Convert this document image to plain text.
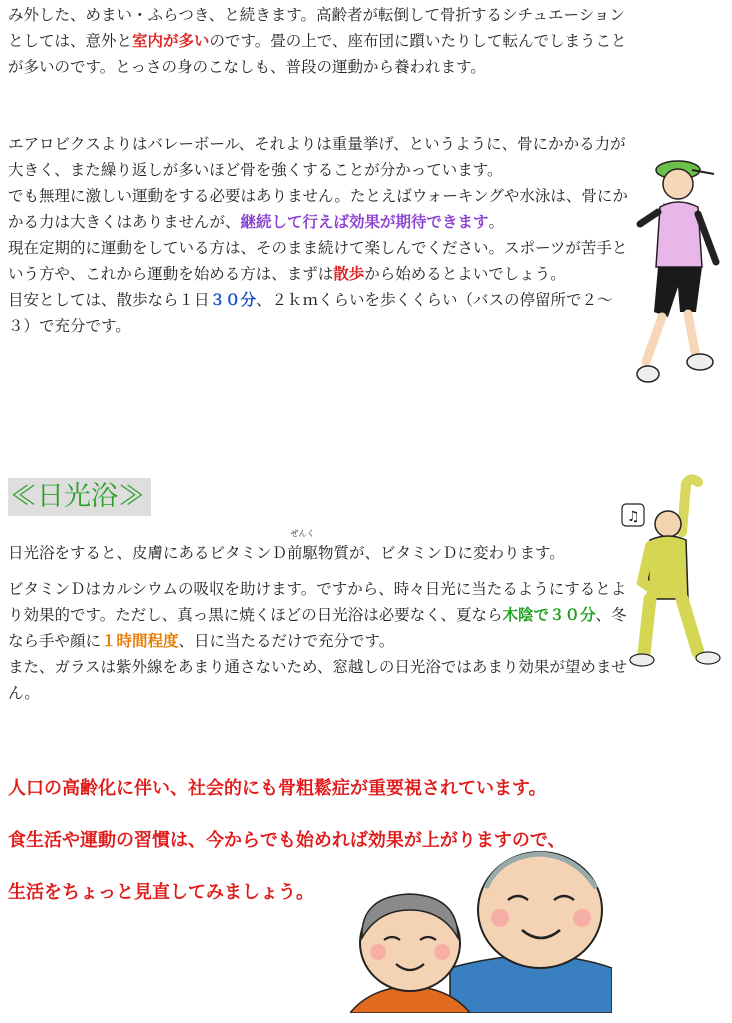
み外した、めまい・ふらつき、と続きます。高齢者が転倒して骨折するシチュエーションとしては、意外と室内が多いのです。畳の上で、座布団に躓いたりして転んでしまうことが多いのです。とっさの身のこなしも、普段の運動から養われます。

エアロビクスよりはバレーボール、それよりは重量挙げ、というように、骨にかかる力が大きく、また繰り返しが多いほど骨を強くすることが分かっています。

でも無理に激しい運動をする必要はありません。たとえばウォーキングや水泳は、骨にかかる力は大きくはありませんが、継続して行えば効果が期待できます。

現在定期的に運動をしている方は、そのまま続けて楽しんでください。スポーツが苦手という方や、これから運動を始める方は、まずは散歩から始めるとよいでしょう。

目安としては、散歩なら１日３０分、２ｋｍくらいを歩くくらい（バスの停留所で２〜３）で充分です。

≪日光浴≫

日光浴をすると、皮膚にあるビタミンＤ
ぜんく
前駆物質が、ビタミンＤに変わります。

ビタミンＤはカルシウムの吸収を助けます。ですから、時々日光に当たるようにするとより効果的です。ただし、真っ黒に焼くほどの日光浴は必要なく、夏なら木陰で３０分、冬なら手や顔に１時間程度、日に当たるだけで充分です。

また、ガラスは紫外線をあまり通さないため、窓越しの日光浴ではあまり効果が望めません。

人口の高齢化に伴い、社会的にも骨粗鬆症が重要視されています。
食生活や運動の習慣は、今からでも始めれば効果が上がりますので、
生活をちょっと見直してみましょう。
♫
